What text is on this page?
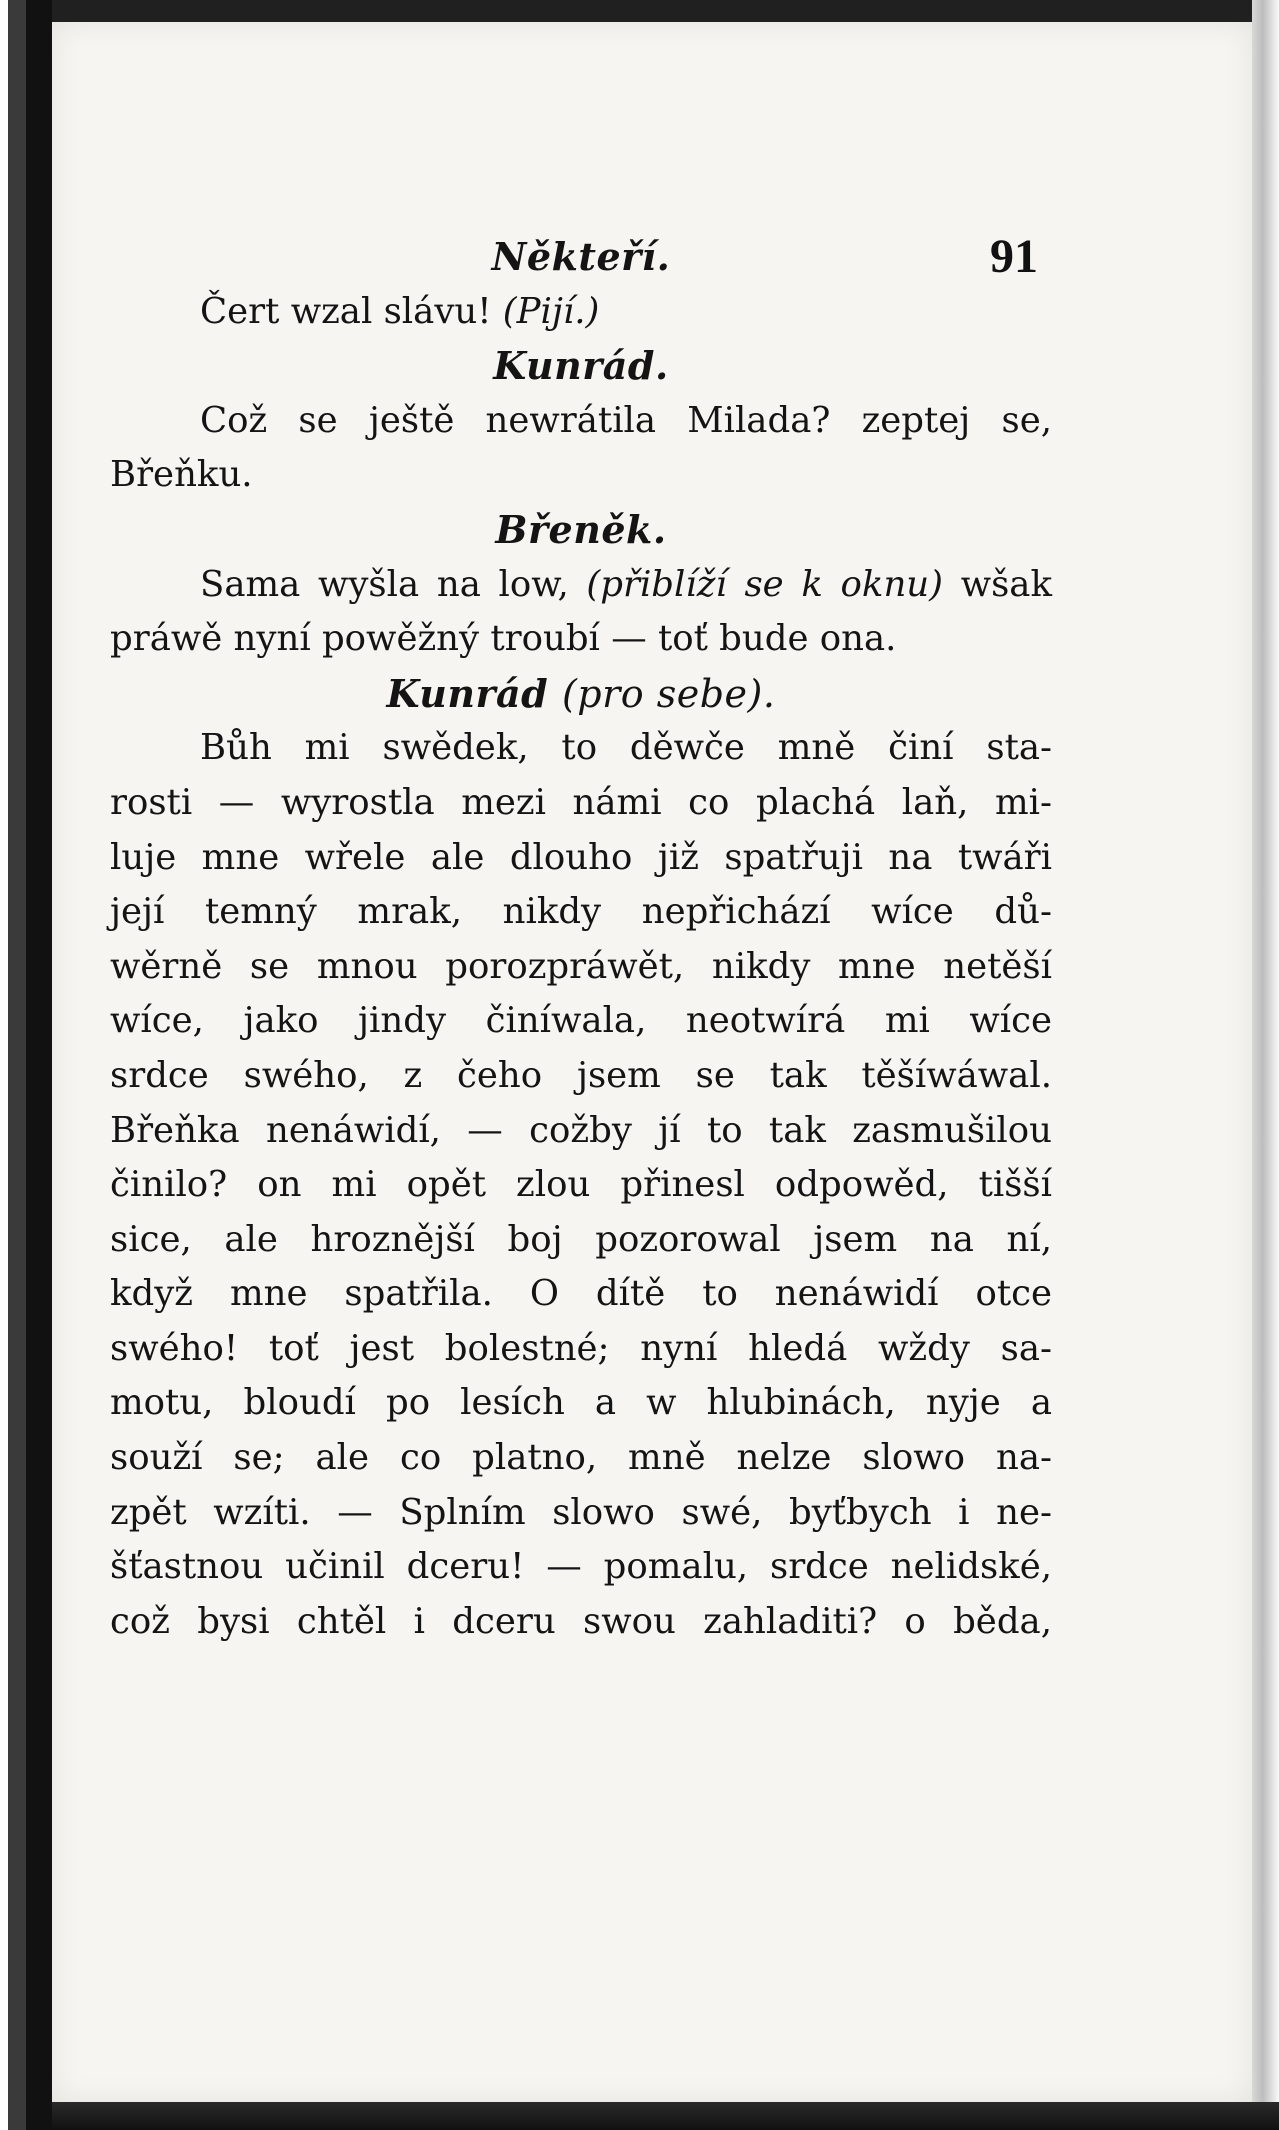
91
Někteří.
Čert wzal slávu! (Pijí.)
Kunrád.
Což se ještě newrátila Milada? zeptej se,
Břeňku.
Břeněk.
Sama wyšla na low, (přiblíží se k oknu) wšak
práwě nyní powěžný troubí — toť bude ona.
Kunrád (pro sebe).
Bůh mi swědek, to děwče mně činí sta-
rosti — wyrostla mezi námi co plachá laň, mi-
luje mne wřele ale dlouho již spatřuji na twáři
její temný mrak, nikdy nepřichází wíce dů-
wěrně se mnou porozpráwět, nikdy mne netěší
wíce, jako jindy činíwala, neotwírá mi wíce
srdce swého, z čeho jsem se tak těšíwáwal.
Břeňka nenáwidí, — cožby jí to tak zasmušilou
činilo? on mi opět zlou přinesl odpowěd, tišší
sice, ale hroznější boj pozorowal jsem na ní,
když mne spatřila. O dítě to nenáwidí otce
swého! toť jest bolestné; nyní hledá wždy sa-
motu, bloudí po lesích a w hlubinách, nyje a
souží se; ale co platno, mně nelze slowo na-
zpět wzíti. — Splním slowo swé, byťbych i ne-
šťastnou učinil dceru! — pomalu, srdce nelidské,
což bysi chtěl i dceru swou zahladiti? o běda,
